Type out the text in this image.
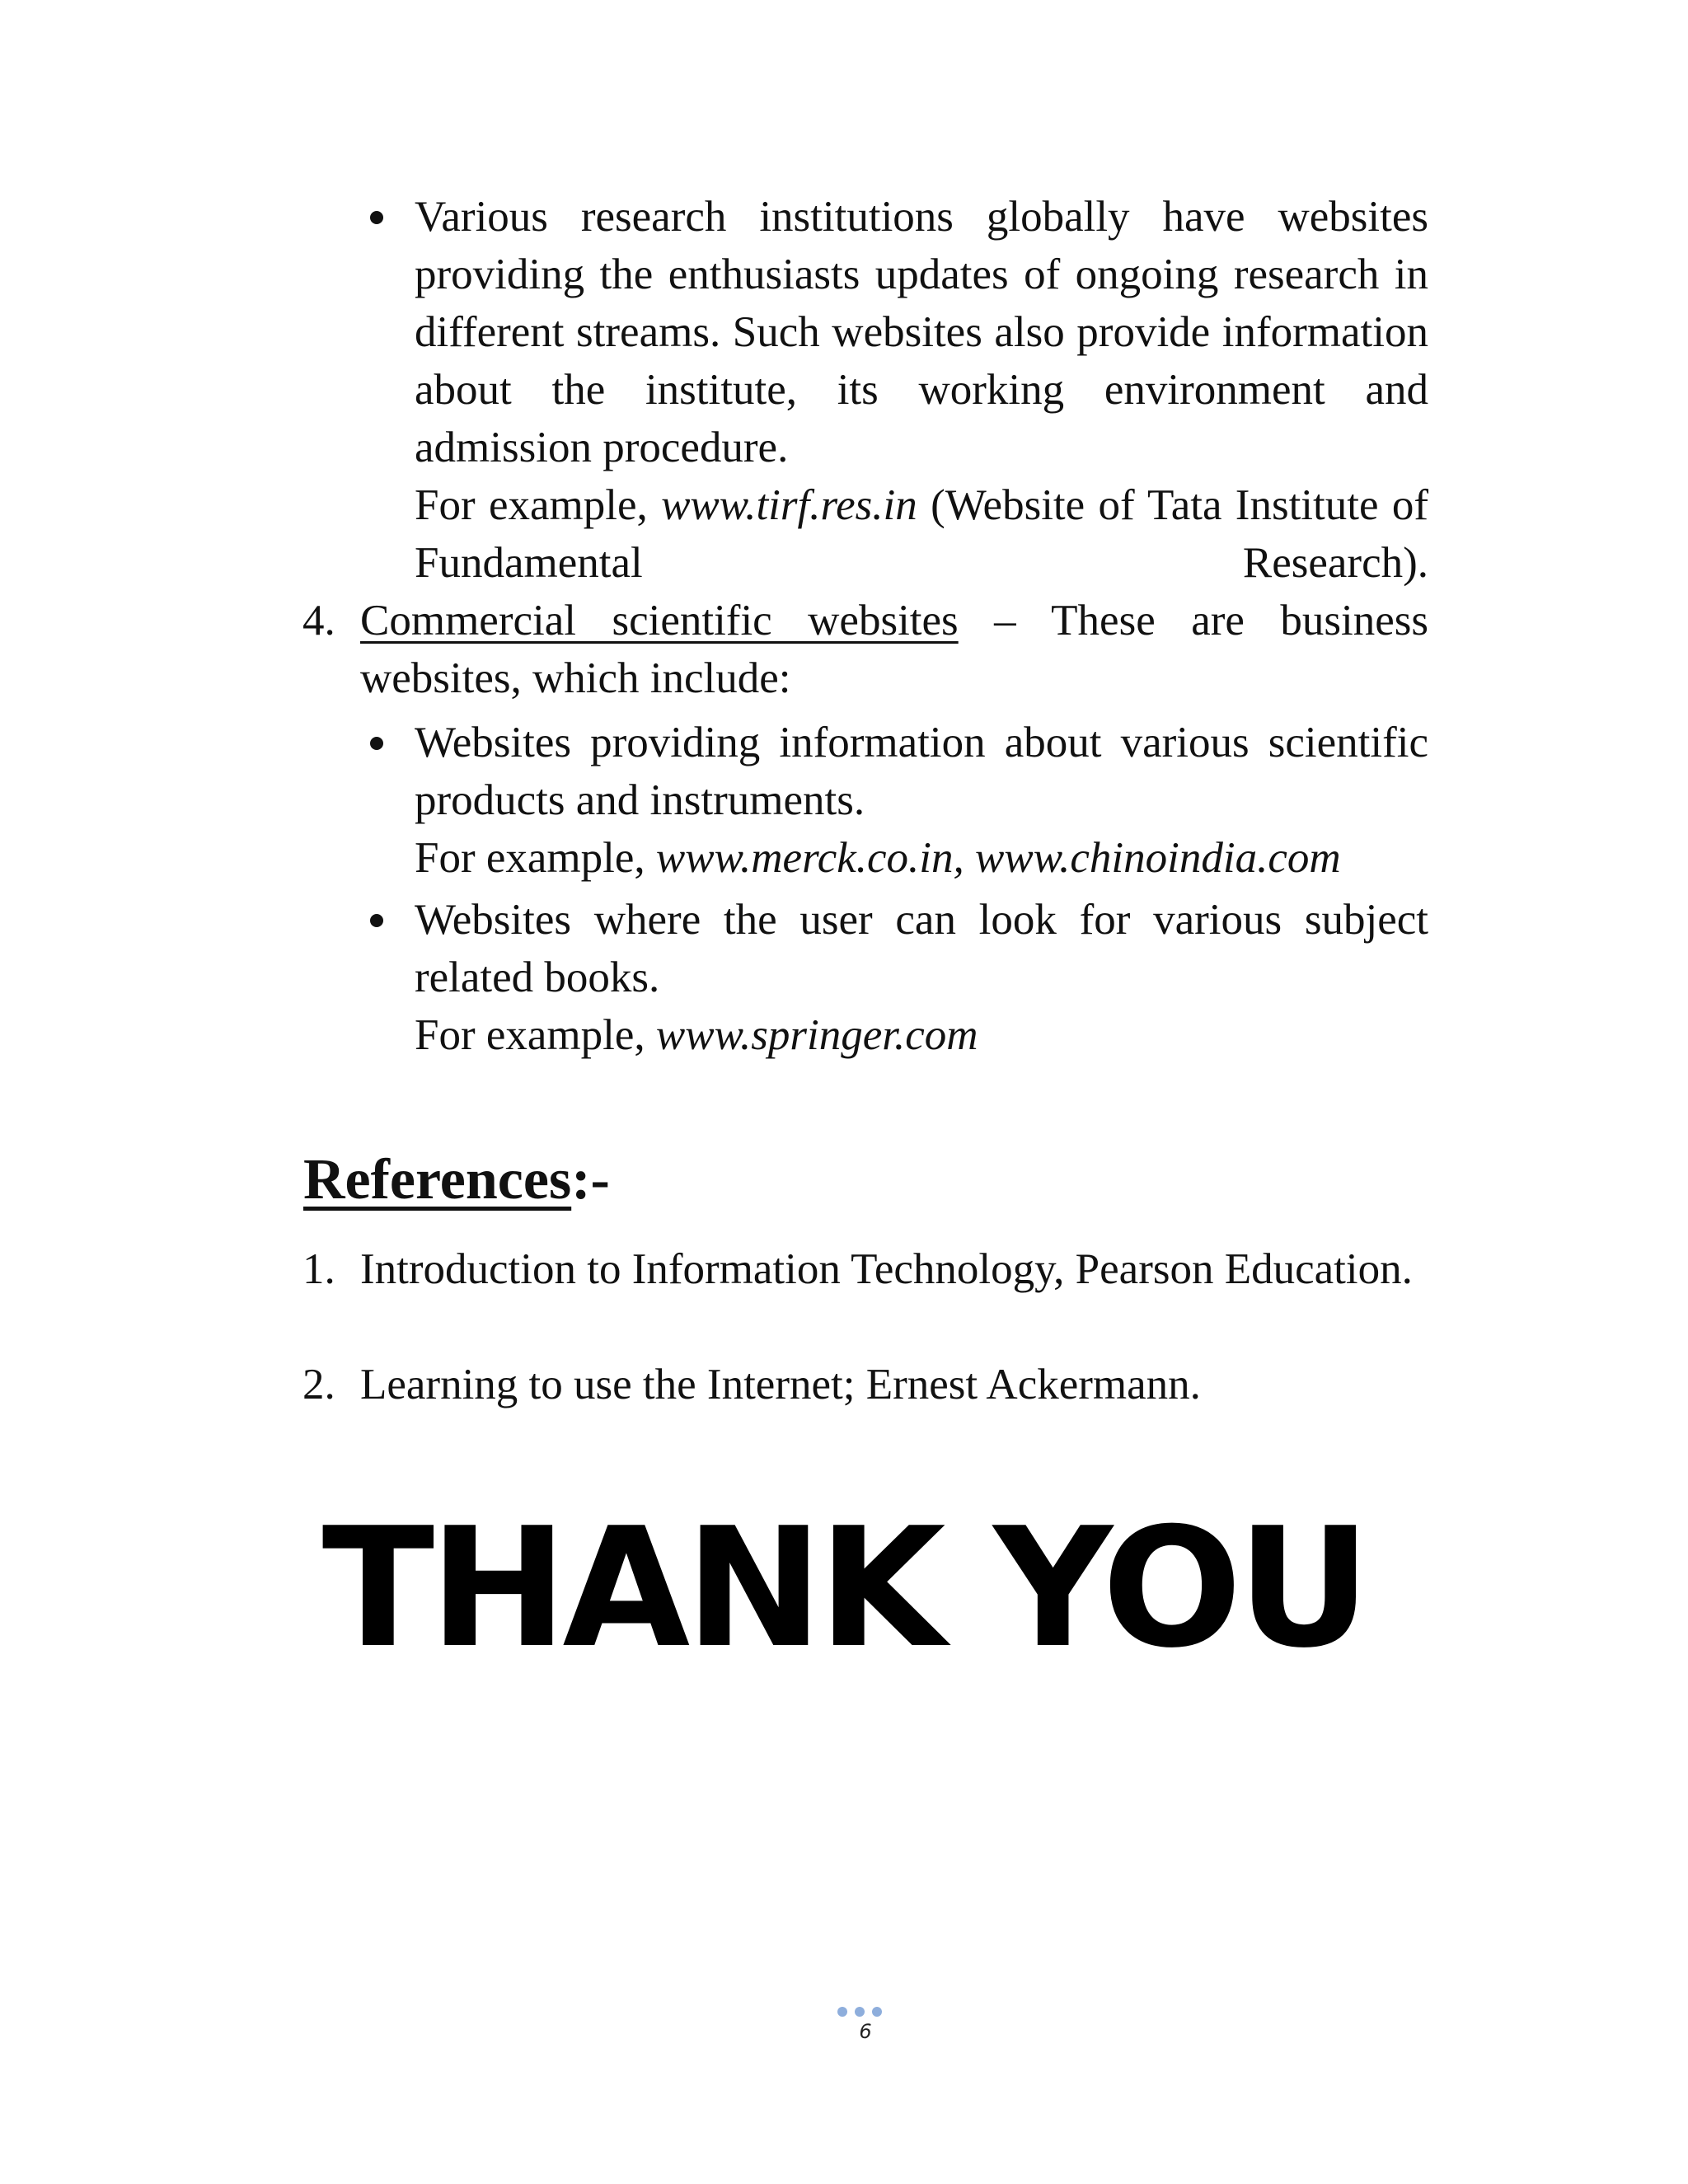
Various research institutions globally have websites providing the enthusiasts updates of ongoing research in different streams. Such websites also provide information about the institute, its working environment and admission procedure.
For example, www.tirf.res.in (Website of Tata Institute of Fundamental Research).
4. Commercial scientific websites – These are business websites, which include:
Websites providing information about various scientific products and instruments.
For example, www.merck.co.in, www.chinoindia.com
Websites where the user can look for various subject related books.
For example, www.springer.com
References:-
1. Introduction to Information Technology, Pearson Education.
2. Learning to use the Internet; Ernest Ackermann.
THANK YOU
6
